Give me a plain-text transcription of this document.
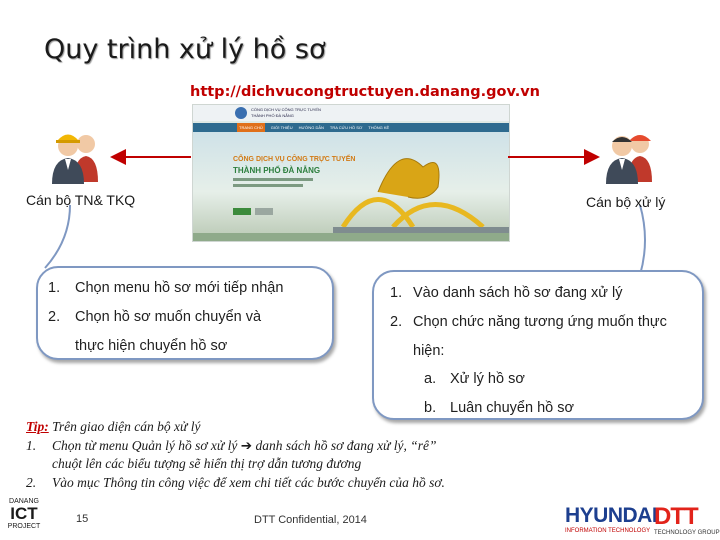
Quy trình xử lý hồ sơ
http://dichvucongtructuyen.danang.gov.vn
CỔNG DỊCH VỤ CÔNG TRỰC TUYẾN
THÀNH PHỐ ĐÀ NẴNG
TRANG CHỦ	GIỚI THIỆU HƯỚNG DẪN TRA CỨU HỒ SƠ THỐNG KÊ
CỔNG DỊCH VỤ CÔNG TRỰC TUYẾN
THÀNH PHỐ ĐÀ NẴNG
Cán bộ TN& TKQ	Cán bộ xử lý
1. Chọn menu hồ sơ mới tiếp nhận
2. Chọn hồ sơ muốn chuyển và
thực hiện chuyển hồ sơ
1. Vào danh sách hồ sơ đang xử lý
2. Chọn chức năng tương ứng muốn thực
hiện:
a. Xử lý hồ sơ
b. Luân chuyển hồ sơ
Tip: Trên giao diện cán bộ xử lý
1.	Chọn từ menu Quản lý hồ sơ xử lý ➔ danh sách hồ sơ đang xử lý, “rê”
chuột lên các biểu tượng sẽ hiển thị trợ dẫn tương đương
2.	Vào mục Thông tin công việc để xem chi tiết các bước chuyển của hồ sơ.
DANANG
ICT
PROJECT
15	DTT Confidential, 2014	HYUNDAI
INFORMATION TECHNOLOGY
DTT
TECHNOLOGY GROUP
